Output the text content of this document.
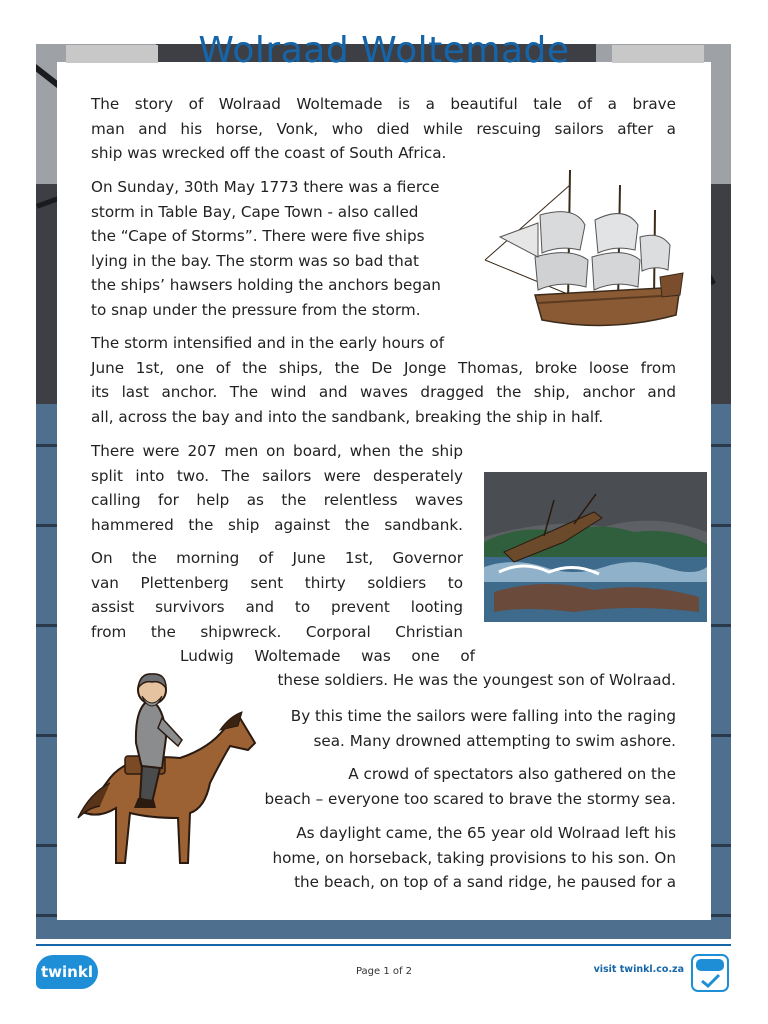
Wolraad Woltemade
The story of Wolraad Woltemade is a beautiful tale of a brave
man and his horse, Vonk, who died while rescuing sailors after a
ship was wrecked off the coast of South Africa.
On Sunday, 30th May 1773 there was a fierce
storm in Table Bay, Cape Town - also called
the “Cape of Storms”. There were five ships
lying in the bay. The storm was so bad that
the ships’ hawsers holding the anchors began
to snap under the pressure from the storm.
The storm intensified and in the early hours of
June 1st, one of the ships, the De Jonge Thomas, broke loose from
its last anchor. The wind and waves dragged the ship, anchor and
all, across the bay and into the sandbank, breaking the ship in half.
There were 207 men on board, when the ship
split into two. The sailors were desperately
calling for help as the relentless waves
hammered the ship against the sandbank.
On the morning of June 1st, Governor
van Plettenberg sent thirty soldiers to
assist survivors and to prevent looting
from the shipwreck. Corporal Christian
Ludwig Woltemade was one of
these soldiers. He was the youngest son of Wolraad.
By this time the sailors were falling into the raging
sea. Many drowned attempting to swim ashore.
A crowd of spectators also gathered on the
beach – everyone too scared to brave the stormy sea.
As daylight came, the 65 year old Wolraad left his
home, on horseback, taking provisions to his son. On
the beach, on top of a sand ridge, he paused for a
twinkl	Page 1 of 2	visit twinkl.co.za
